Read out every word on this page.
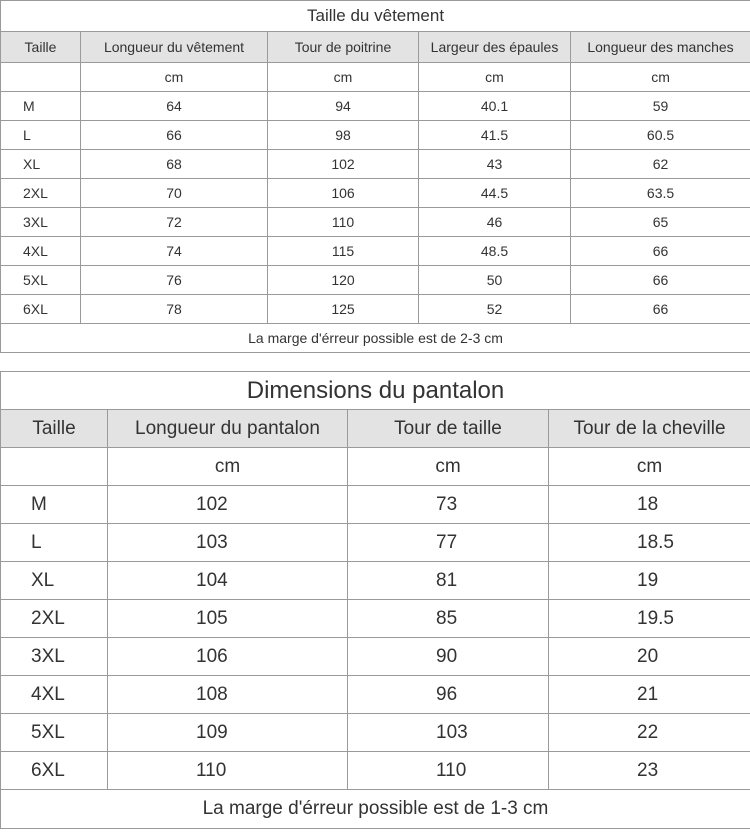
Taille du vêtement				
Taille	Longueur du vêtement	Tour de poitrine	Largeur des épaules	Longueur des manches
	cm	cm	cm	cm
M	64	94	40.1	59
L	66	98	41.5	60.5
XL	68	102	43	62
2XL	70	106	44.5	63.5
3XL	72	110	46	65
4XL	74	115	48.5	66
5XL	76	120	50	66
6XL	78	125	52	66
La marge d'érreur possible est de 2-3 cm				
Dimensions du pantalon			
Taille	Longueur du pantalon	Tour de taille	Tour de la cheville
	cm	cm	cm
M	102	73	18
L	103	77	18.5
XL	104	81	19
2XL	105	85	19.5
3XL	106	90	20
4XL	108	96	21
5XL	109	103	22
6XL	110	110	23
La marge d'érreur possible est de 1-3 cm			
